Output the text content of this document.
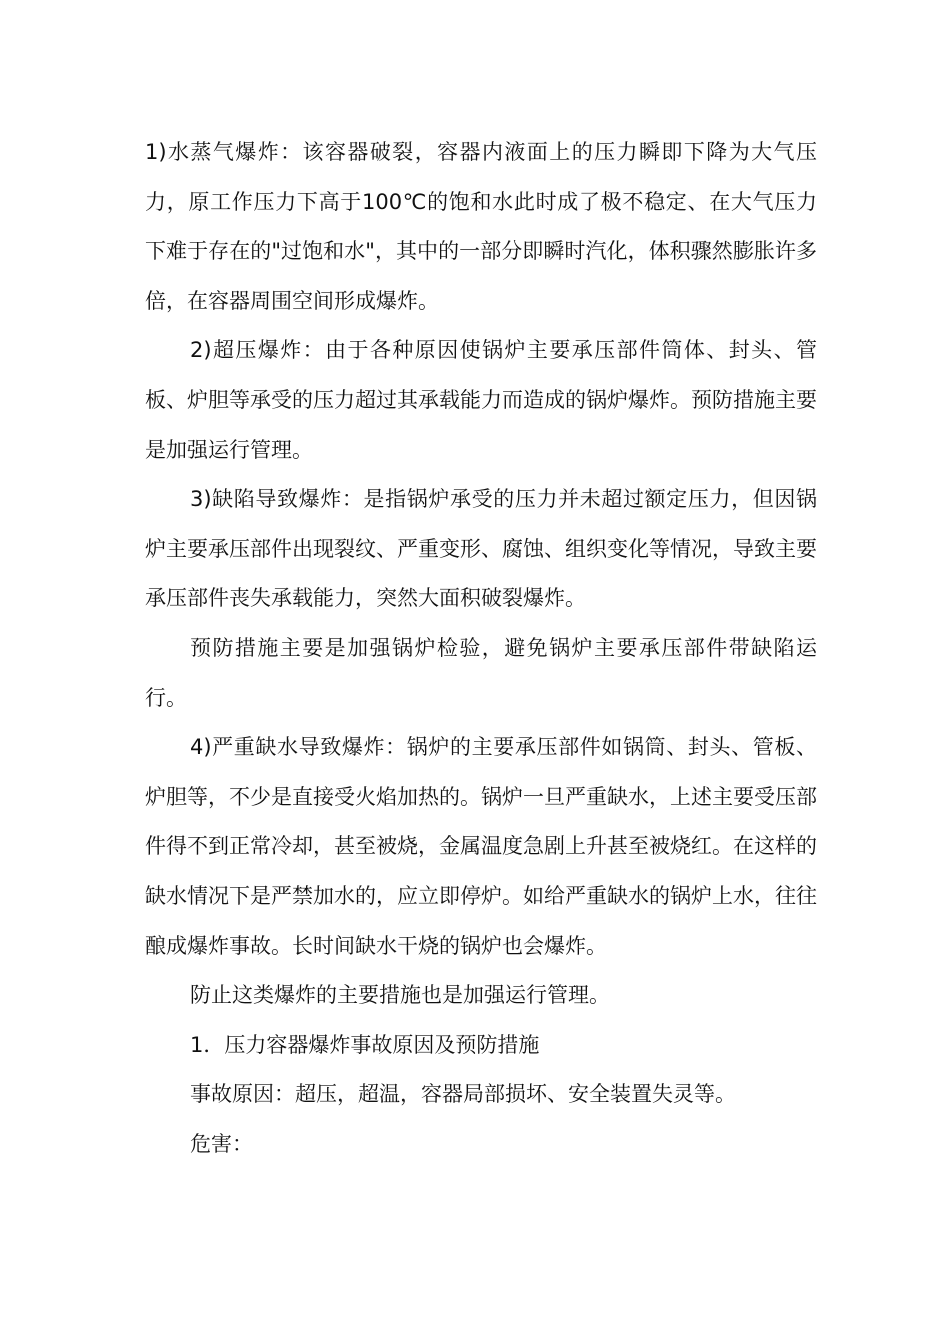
1)水蒸气爆炸：该容器破裂，容器内液面上的压力瞬即下降为大气压力，原工作压力下高于100℃的饱和水此时成了极不稳定、在大气压力下难于存在的"过饱和水"，其中的一部分即瞬时汽化，体积骤然膨胀许多倍，在容器周围空间形成爆炸。

2)超压爆炸：由于各种原因使锅炉主要承压部件筒体、封头、管板、炉胆等承受的压力超过其承载能力而造成的锅炉爆炸。预防措施主要是加强运行管理。

3)缺陷导致爆炸：是指锅炉承受的压力并未超过额定压力，但因锅炉主要承压部件出现裂纹、严重变形、腐蚀、组织变化等情况，导致主要承压部件丧失承载能力，突然大面积破裂爆炸。

预防措施主要是加强锅炉检验，避免锅炉主要承压部件带缺陷运行。

4)严重缺水导致爆炸：锅炉的主要承压部件如锅筒、封头、管板、炉胆等，不少是直接受火焰加热的。锅炉一旦严重缺水，上述主要受压部件得不到正常冷却，甚至被烧，金属温度急剧上升甚至被烧红。在这样的缺水情况下是严禁加水的，应立即停炉。如给严重缺水的锅炉上水，往往酿成爆炸事故。长时间缺水干烧的锅炉也会爆炸。

防止这类爆炸的主要措施也是加强运行管理。

1．压力容器爆炸事故原因及预防措施

事故原因：超压，超温，容器局部损坏、安全装置失灵等。

危害：
